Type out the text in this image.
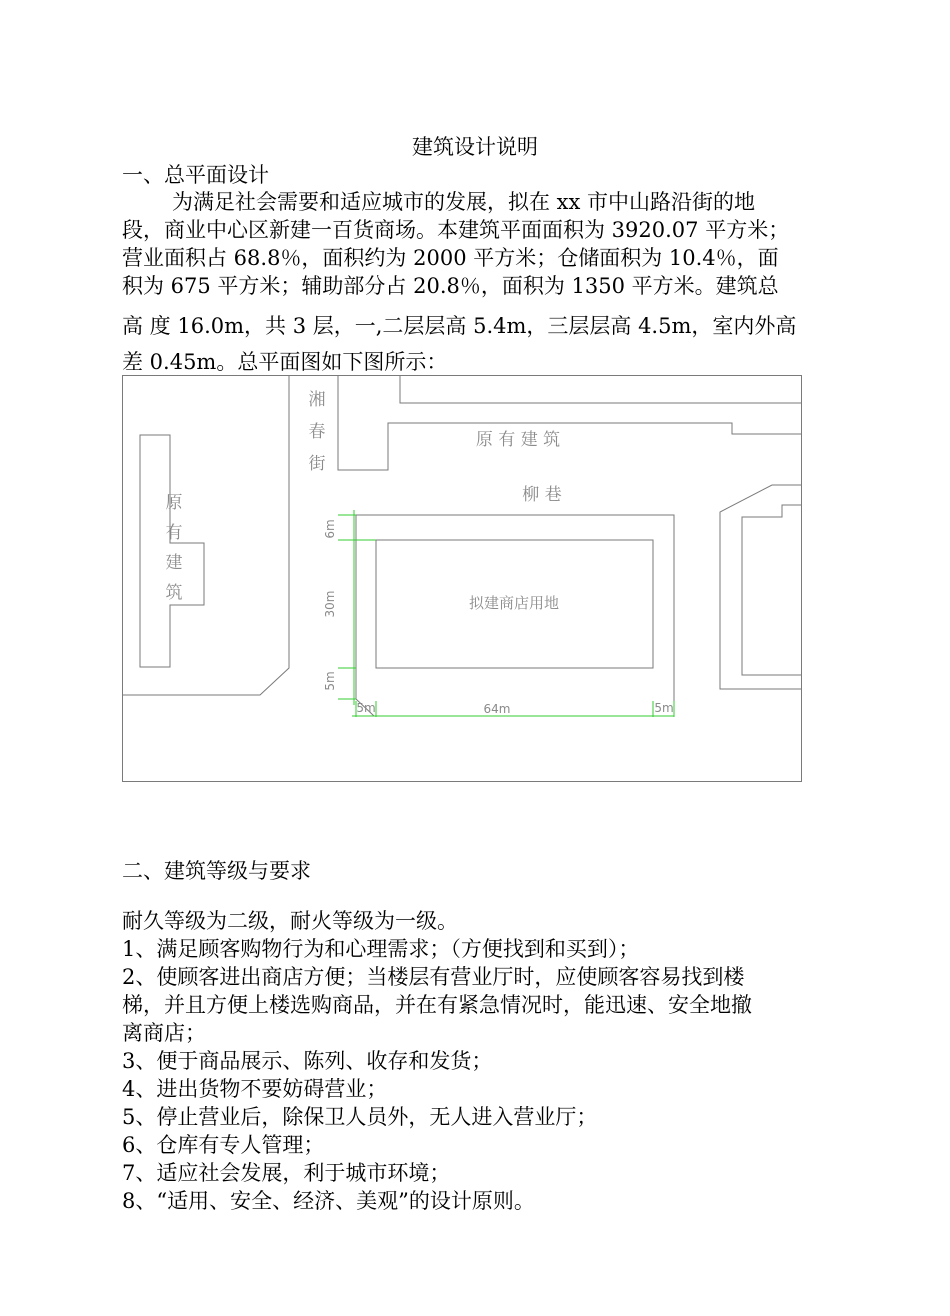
建筑设计说明
一、总平面设计
为满足社会需要和适应城市的发展，拟在 xx 市中山路沿街的地
段，商业中心区新建一百货商场。本建筑平面面积为 3920.07 平方米；
营业面积占 68.8％，面积约为 2000 平方米；仓储面积为 10.4％，面
积为 675 平方米；辅助部分占 20.8％，面积为 1350 平方米。建筑总
高 度 16.0m，共 3 层，一,二层层高 5.4m，三层层高 4.5m，室内外高
差 0.45m。总平面图如下图所示：
湘
春
街
原 有 建 筑
柳 巷
原
有
建
筑	拟建商店用地
6m
30m
5m
5m	64m	5m
二、建筑等级与要求
耐久等级为二级，耐火等级为一级。
1、满足顾客购物行为和心理需求；（方便找到和买到）；
2、使顾客进出商店方便；当楼层有营业厅时，应使顾客容易找到楼
梯，并且方便上楼选购商品，并在有紧急情况时，能迅速、安全地撤
离商店；
3、便于商品展示、陈列、收存和发货；
4、进出货物不要妨碍营业；
5、停止营业后，除保卫人员外，无人进入营业厅；
6、仓库有专人管理；
7、适应社会发展，利于城市环境；
8、“适用、安全、经济、美观”的设计原则。
